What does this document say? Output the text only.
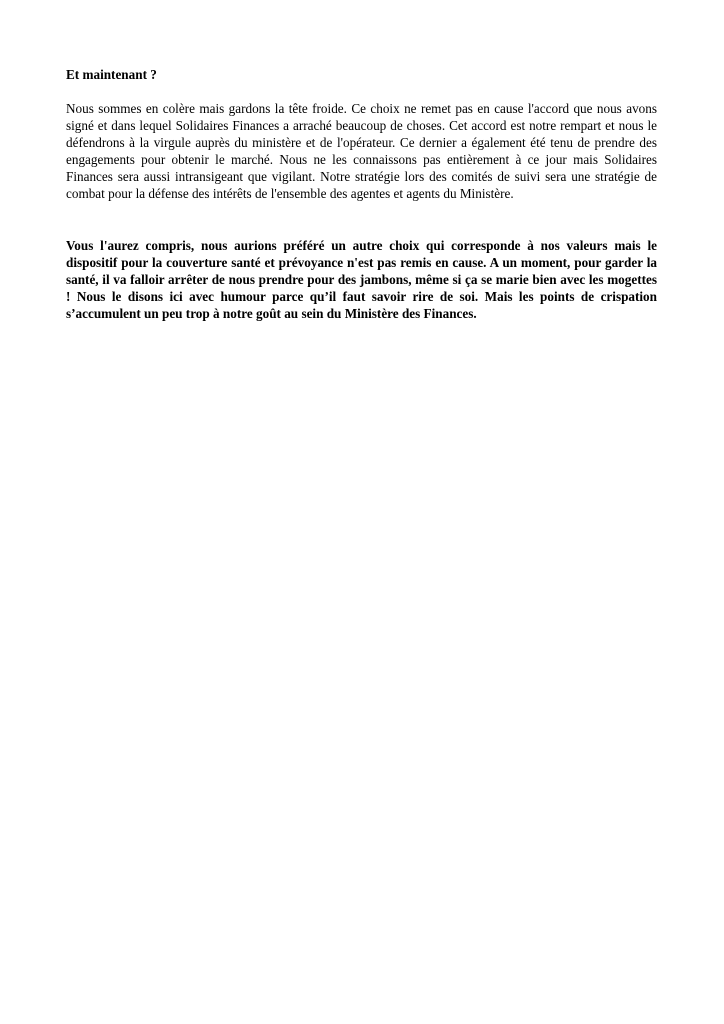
Et maintenant ?

Nous sommes en colère mais gardons la tête froide. Ce choix ne remet pas en cause l'accord que nous avons signé et dans lequel Solidaires Finances a arraché beaucoup de choses. Cet accord est notre rempart et nous le défendrons à la virgule auprès du ministère et de l'opérateur. Ce dernier a également été tenu de prendre des engagements pour obtenir le marché. Nous ne les connaissons pas entièrement à ce jour mais Solidaires Finances sera aussi intransigeant que vigilant. Notre stratégie lors des comités de suivi sera une stratégie de combat pour la défense des intérêts de l'ensemble des agentes et agents du Ministère.

Vous l'aurez compris, nous aurions préféré un autre choix qui corresponde à nos valeurs mais le dispositif pour la couverture santé et prévoyance n'est pas remis en cause. A un moment, pour garder la santé, il va falloir arrêter de nous prendre pour des jambons, même si ça se marie bien avec les mogettes ! Nous le disons ici avec humour parce qu’il faut savoir rire de soi. Mais les points de crispation s’accumulent un peu trop à notre goût au sein du Ministère des Finances.
